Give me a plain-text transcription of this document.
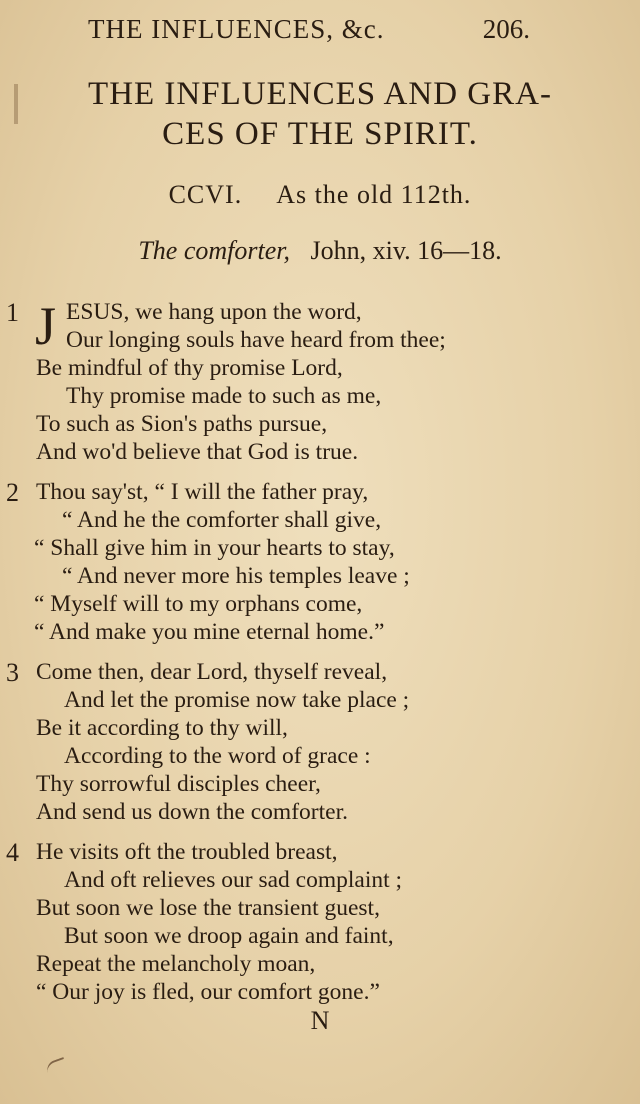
THE INFLUENCES, &c.	206.
THE INFLUENCES AND GRA-
CES OF THE SPIRIT.
CCVI. As the old 112th.
The comforter, John, xiv. 16—18.
1 J ESUS, we hang upon the word,
Our longing souls have heard from thee;
Be mindful of thy promise Lord,
Thy promise made to such as me,
To such as Sion's paths pursue,
And wo'd believe that God is true.
2 Thou say'st, “ I will the father pray,
“ And he the comforter shall give,
“ Shall give him in your hearts to stay,
“ And never more his temples leave ;
“ Myself will to my orphans come,
“ And make you mine eternal home.”
3 Come then, dear Lord, thyself reveal,
And let the promise now take place ;
Be it according to thy will,
According to the word of grace :
Thy sorrowful disciples cheer,
And send us down the comforter.
4 He visits oft the troubled breast,
And oft relieves our sad complaint ;
But soon we lose the transient guest,
But soon we droop again and faint,
Repeat the melancholy moan,
“ Our joy is fled, our comfort gone.”
N
